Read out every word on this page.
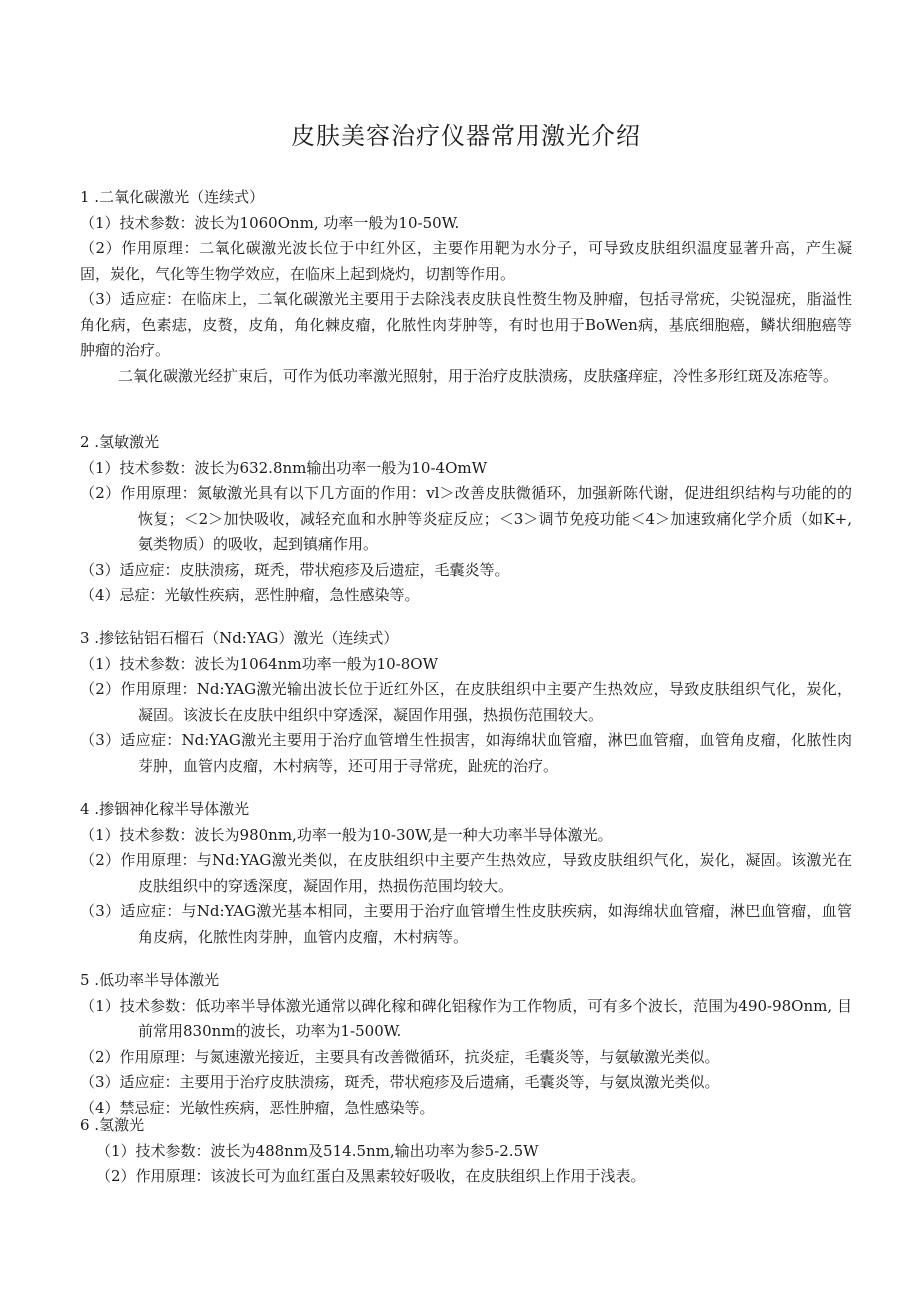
皮肤美容治疗仪器常用激光介绍

1 .二氧化碳激光（连续式）

（1）技术参数：波长为1060Onm, 功率一般为10-50W.

（2）作用原理：二氧化碳激光波长位于中红外区，主要作用靶为水分子，可导致皮肤组织温度显著升高，产生凝固，炭化，气化等生物学效应，在临床上起到烧灼，切割等作用。

（3）适应症：在临床上，二氧化碳激光主要用于去除浅表皮肤良性赘生物及肿瘤，包括寻常疣，尖锐湿疣，脂溢性角化病，色素痣，皮赘，皮角，角化棘皮瘤，化脓性肉芽肿等，有时也用于BoWen病，基底细胞癌，鳞状细胞癌等肿瘤的治疗。

二氧化碳激光经扩束后，可作为低功率激光照射，用于治疗皮肤溃疡，皮肤瘙痒症，冷性多形红斑及冻疮等。

2 .氢敏激光

（1）技术参数：波长为632.8nm输出功率一般为10-4OmW

（2）作用原理：氮敏激光具有以下几方面的作用：vl＞改善皮肤微循环，加强新陈代谢，促进组织结构与功能的的恢复；＜2＞加快吸收，减轻充血和水肿等炎症反应；＜3＞调节免疫功能＜4＞加速致痛化学介质（如K+,氨类物质）的吸收，起到镇痛作用。

（3）适应症：皮肤溃疡，斑秃，带状疱疹及后遗症，毛囊炎等。

（4）忌症：光敏性疾病，恶性肿瘤，急性感染等。

3 .掺铉钻铝石榴石（Nd:YAG）激光（连续式）

（1）技术参数：波长为1064nm功率一般为10-8OW

（2）作用原理：Nd:YAG激光输出波长位于近红外区，在皮肤组织中主要产生热效应，导致皮肤组织气化，炭化，凝固。该波长在皮肤中组织中穿透深，凝固作用强，热损伤范围较大。

（3）适应症：Nd:YAG激光主要用于治疗血管增生性损害，如海绵状血管瘤，淋巴血管瘤，血管角皮瘤，化脓性肉芽肿，血管内皮瘤，木村病等，还可用于寻常疣，趾疣的治疗。

4 .掺铟神化稼半导体激光

（1）技术参数：波长为980nm,功率一般为10-30W,是一种大功率半导体激光。

（2）作用原理：与Nd:YAG激光类似，在皮肤组织中主要产生热效应，导致皮肤组织气化，炭化，凝固。该激光在皮肤组织中的穿透深度，凝固作用，热损伤范围均较大。

（3）适应症：与Nd:YAG激光基本相同，主要用于治疗血管增生性皮肤疾病，如海绵状血管瘤，淋巴血管瘤，血管角皮病，化脓性肉芽肿，血管内皮瘤，木村病等。

5 .低功率半导体激光

（1）技术参数：低功率半导体激光通常以碑化稼和碑化铝稼作为工作物质，可有多个波长，范围为490-98Onm, 目前常用830nm的波长，功率为1-500W.

（2）作用原理：与氮速激光接近，主要具有改善微循环，抗炎症，毛囊炎等，与氨敏激光类似。

（3）适应症：主要用于治疗皮肤溃疡，斑秃，带状疱疹及后遗痛，毛囊炎等，与氨岚激光类似。

（4）禁忌症：光敏性疾病，恶性肿瘤，急性感染等。

6 .氢激光

（1）技术参数：波长为488nm及514.5nm,输出功率为参5-2.5W

（2）作用原理：该波长可为血红蛋白及黑素较好吸收，在皮肤组织上作用于浅表。
